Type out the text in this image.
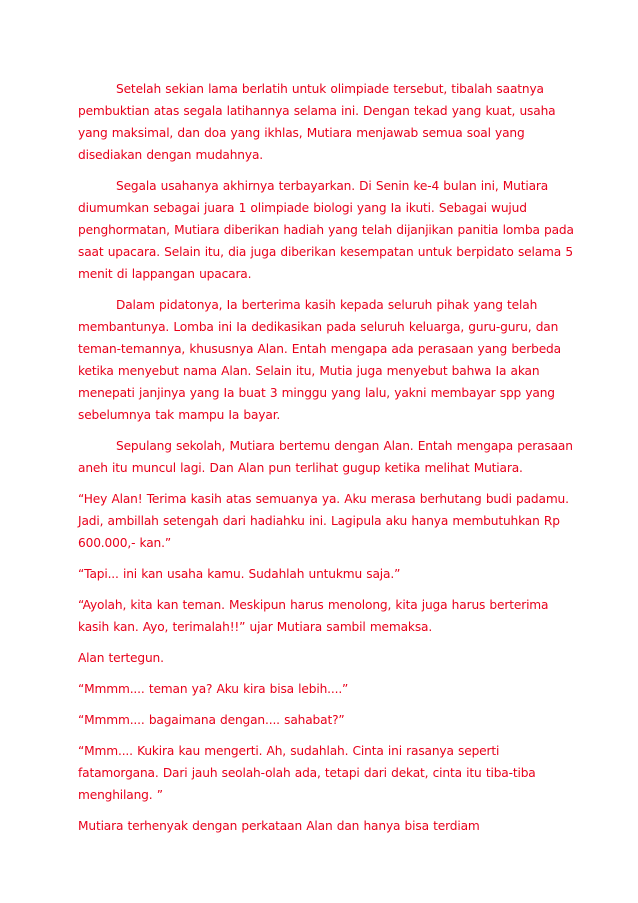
Setelah sekian lama berlatih untuk olimpiade tersebut, tibalah saatnya pembuktian atas segala latihannya selama ini. Dengan tekad yang kuat, usaha yang maksimal, dan doa yang ikhlas, Mutiara menjawab semua soal yang disediakan dengan mudahnya.

Segala usahanya akhirnya terbayarkan. Di Senin ke-4 bulan ini, Mutiara diumumkan sebagai juara 1 olimpiade biologi yang Ia ikuti. Sebagai wujud penghormatan, Mutiara diberikan hadiah yang telah dijanjikan panitia lomba pada saat upacara. Selain itu, dia juga diberikan kesempatan untuk berpidato selama 5 menit di lappangan upacara.

Dalam pidatonya, Ia berterima kasih kepada seluruh pihak yang telah membantunya. Lomba ini Ia dedikasikan pada seluruh keluarga, guru-guru, dan teman-temannya, khususnya Alan. Entah mengapa ada perasaan yang berbeda ketika menyebut nama Alan. Selain itu, Mutia juga menyebut bahwa Ia akan menepati janjinya yang Ia buat 3 minggu yang lalu, yakni membayar spp yang sebelumnya tak mampu Ia bayar.

Sepulang sekolah, Mutiara bertemu dengan Alan. Entah mengapa perasaan aneh itu muncul lagi. Dan Alan pun terlihat gugup ketika melihat Mutiara.

“Hey Alan! Terima kasih atas semuanya ya. Aku merasa berhutang budi padamu. Jadi, ambillah setengah dari hadiahku ini. Lagipula aku hanya membutuhkan Rp 600.000,- kan.”

“Tapi... ini kan usaha kamu. Sudahlah untukmu saja.”

“Ayolah, kita kan teman. Meskipun harus menolong, kita juga harus berterima kasih kan. Ayo, terimalah!!” ujar Mutiara sambil memaksa.

Alan tertegun.

“Mmmm.... teman ya? Aku kira bisa lebih....”

“Mmmm.... bagaimana dengan.... sahabat?”

“Mmm.... Kukira kau mengerti. Ah, sudahlah. Cinta ini rasanya seperti fatamorgana. Dari jauh seolah-olah ada, tetapi dari dekat, cinta itu tiba-tiba menghilang. ”

Mutiara terhenyak dengan perkataan Alan dan hanya bisa terdiam
